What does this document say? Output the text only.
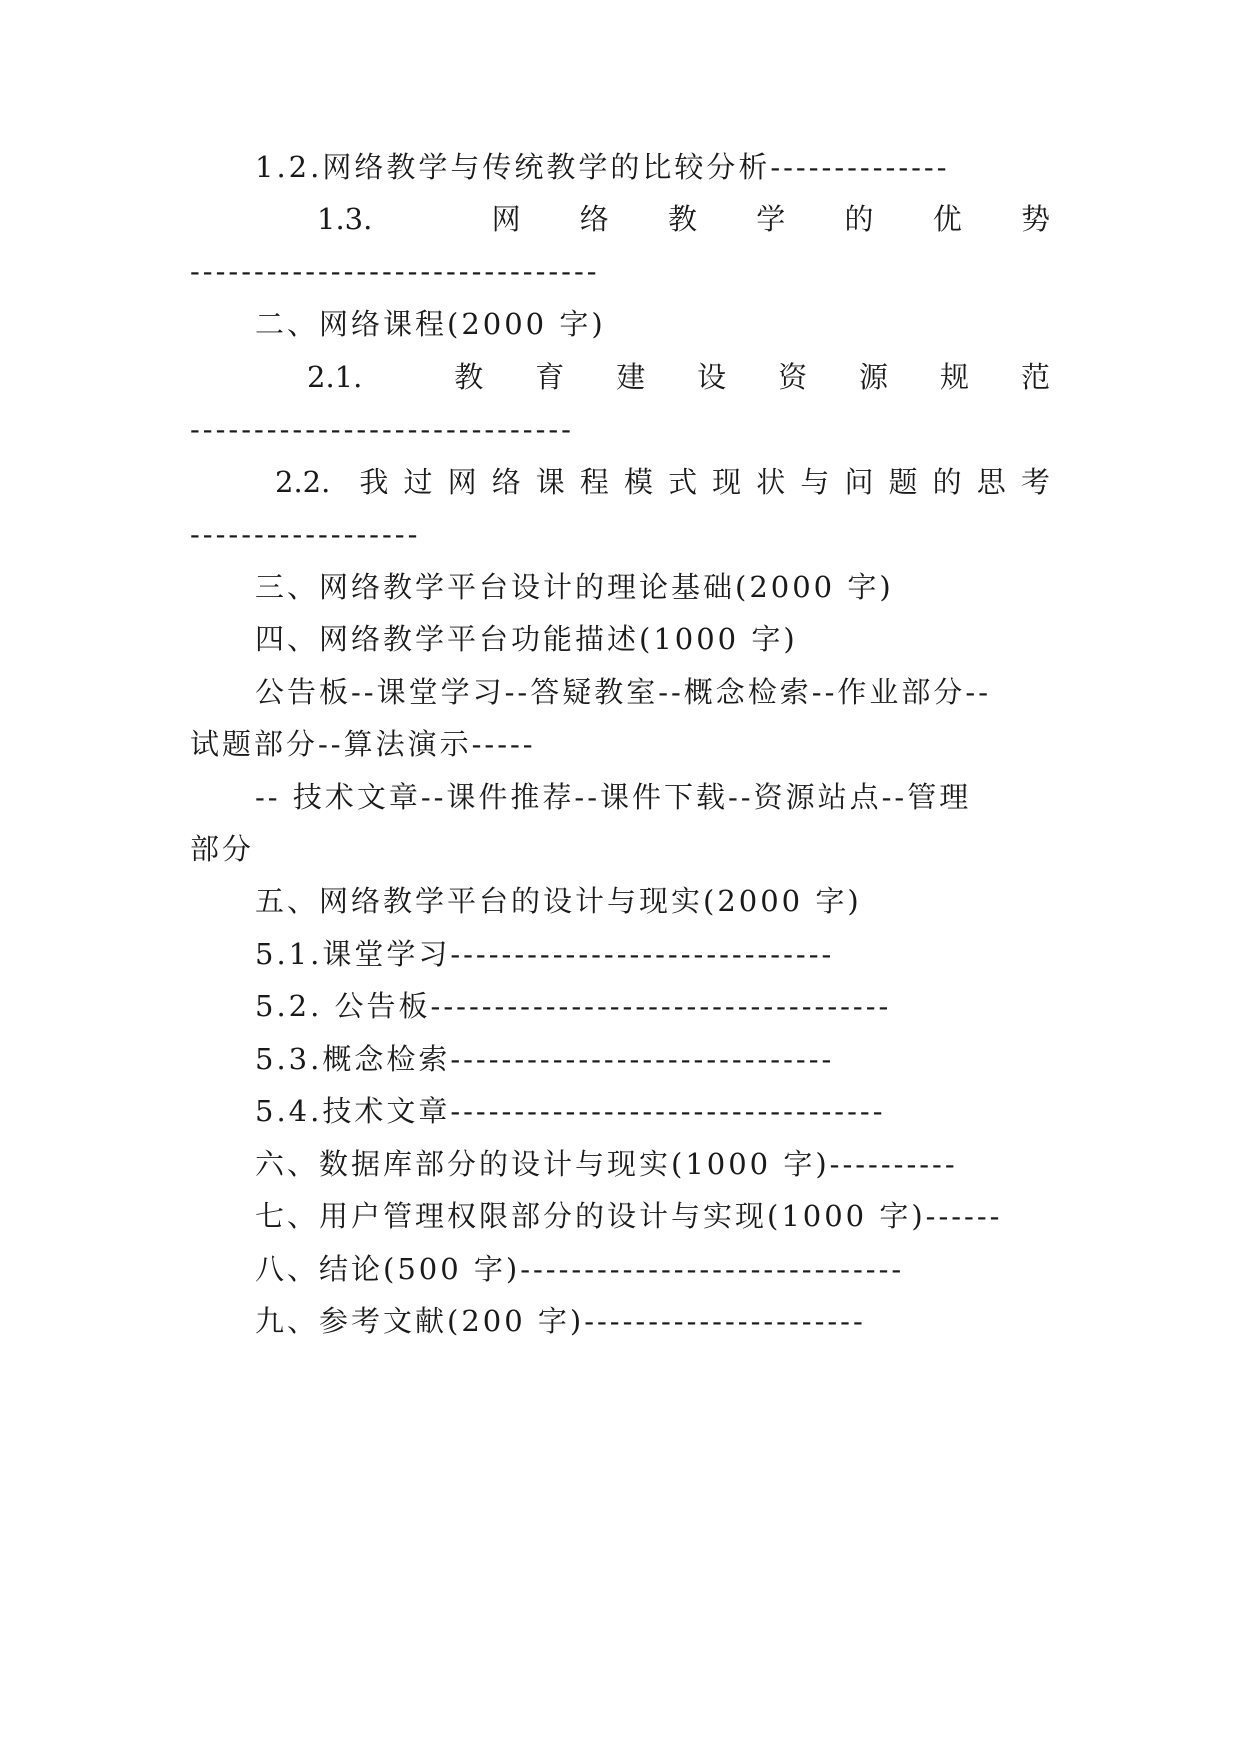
1.2.网络教学与传统教学的比较分析--------------
1.3.	网 络 教 学 的 优 势
--------------------------------
二、网络课程(2000 字)
2.1.	教 育 建 设 资 源 规 范
------------------------------
2.2. 我 过 网 络 课 程 模 式 现 状 与 问 题 的 思 考
------------------
三、网络教学平台设计的理论基础(2000 字)
四、网络教学平台功能描述(1000 字)
公告板--课堂学习--答疑教室--概念检索--作业部分--
试题部分--算法演示-----
-- 技术文章--课件推荐--课件下载--资源站点--管理
部分
五、网络教学平台的设计与现实(2000 字)
5.1.课堂学习------------------------------
5.2. 公告板------------------------------------
5.3.概念检索------------------------------
5.4.技术文章----------------------------------
六、数据库部分的设计与现实(1000 字)----------
七、用户管理权限部分的设计与实现(1000 字)------
八、结论(500 字)------------------------------
九、参考文献(200 字)----------------------
